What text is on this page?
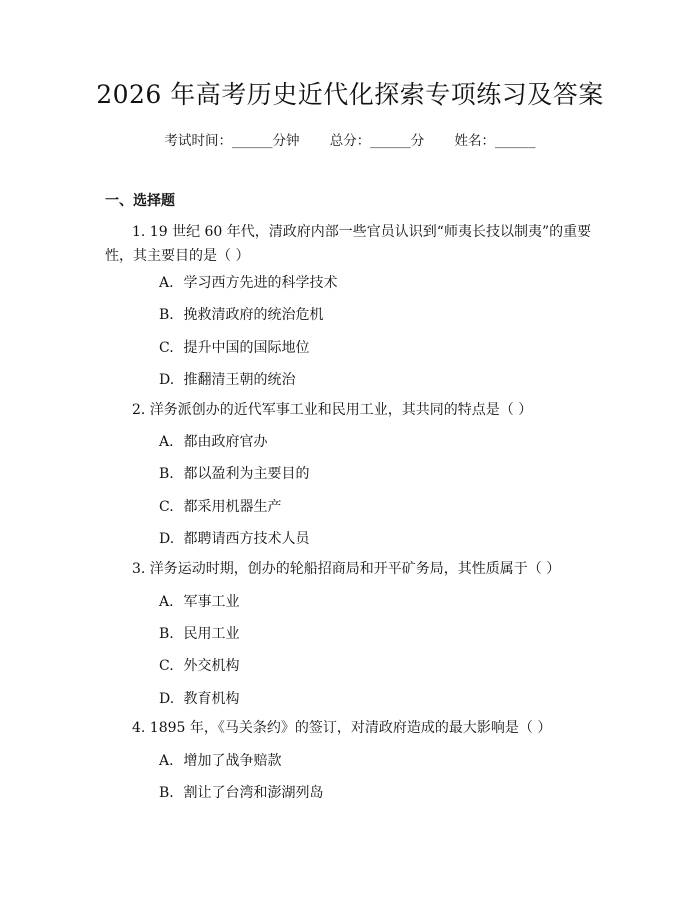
2026 年高考历史近代化探索专项练习及答案
考试时间：______分钟 总分：______分 姓名：______
一、选择题
1. 19 世纪 60 年代，清政府内部一些官员认识到“师夷长技以制夷”的重要性，其主要目的是（ ）
A. 学习西方先进的科学技术
B. 挽救清政府的统治危机
C. 提升中国的国际地位
D. 推翻清王朝的统治
2. 洋务派创办的近代军事工业和民用工业，其共同的特点是（ ）
A. 都由政府官办
B. 都以盈利为主要目的
C. 都采用机器生产
D. 都聘请西方技术人员
3. 洋务运动时期，创办的轮船招商局和开平矿务局，其性质属于（ ）
A. 军事工业
B. 民用工业
C. 外交机构
D. 教育机构
4. 1895 年，《马关条约》的签订，对清政府造成的最大影响是（ ）
A. 增加了战争赔款
B. 割让了台湾和澎湖列岛
